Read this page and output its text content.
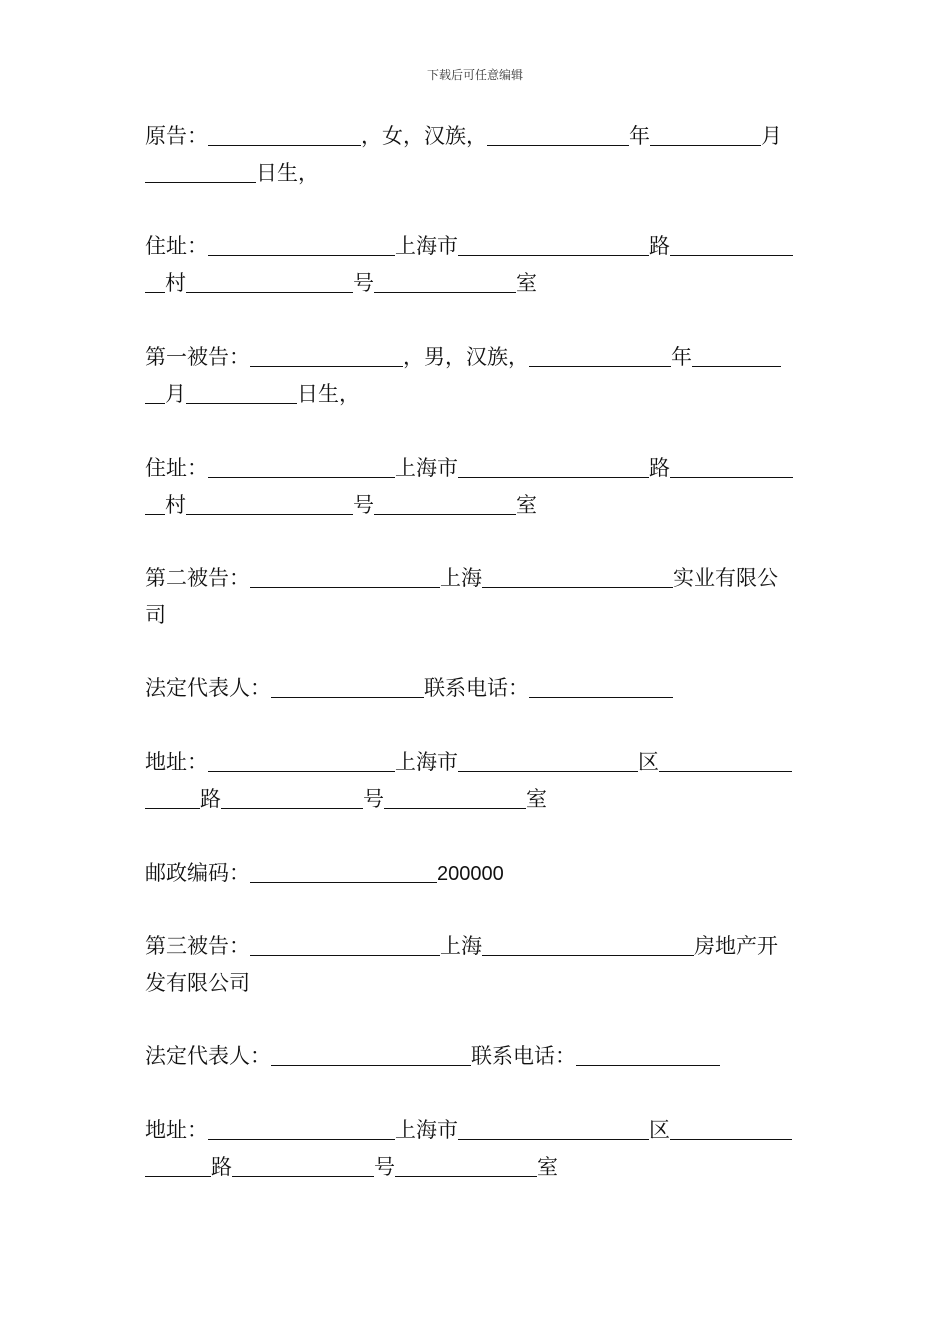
下载后可任意编辑
原告：	，女，汉族，	年	月
日生，
住址：	上海市	路
村	号	室
第一被告：	，男，汉族，	年
月	日生，
住址：	上海市	路
村	号	室
第二被告：	上海	实业有限公
司
法定代表人：	联系电话：
地址：	上海市	区
路	号	室
邮政编码：	200000
第三被告：	上海	房地产开
发有限公司
法定代表人：	联系电话：
地址：	上海市	区
路	号	室
